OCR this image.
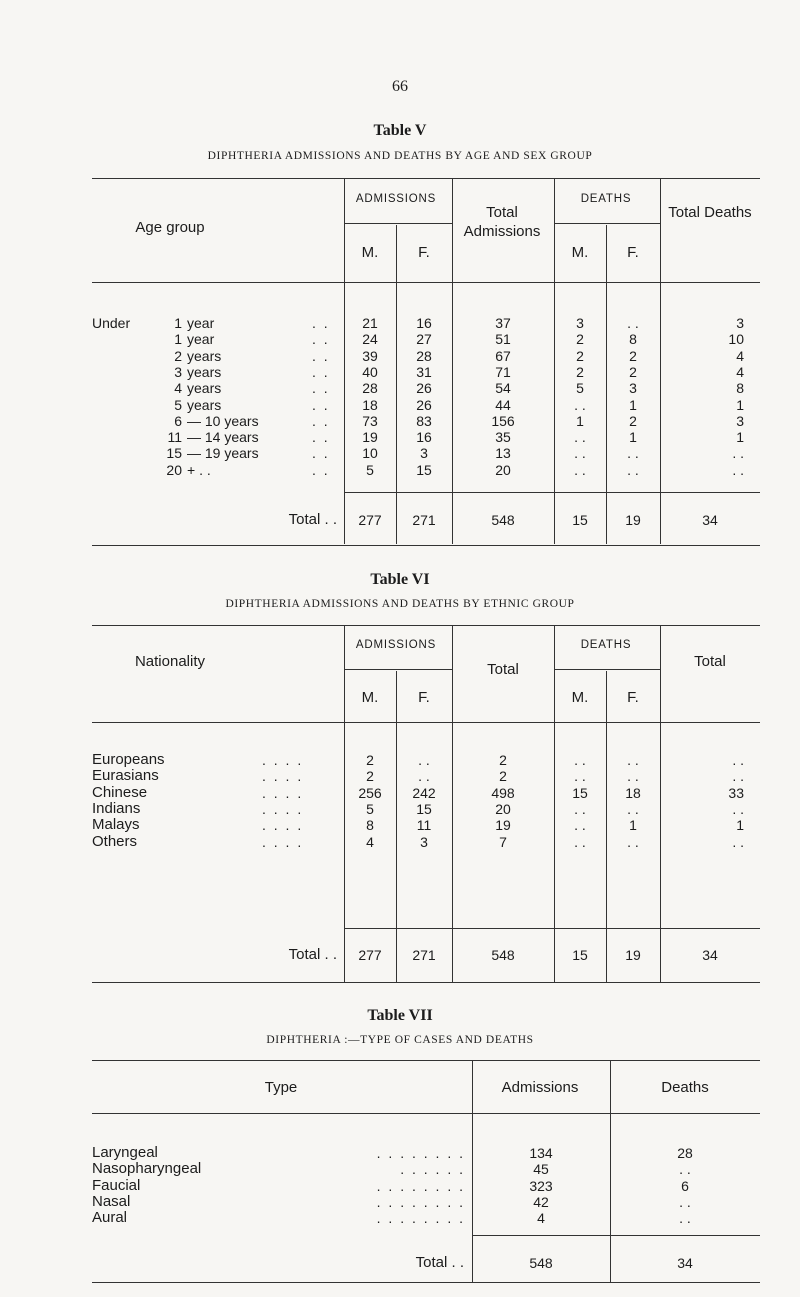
66
Table V
DIPHTHERIA ADMISSIONS AND DEATHS BY AGE AND SEX GROUP
Age group
ADMISSIONS
M.	F.
Total Admissions
DEATHS
M.	F.
Total Deaths
Under	1 year	. .	21	16	37	3	. .	3
1 year	. .	24	27	51	2	8	10
2 years	. .	39	28	67	2	2	4
3 years	. .	40	31	71	2	2	4
4 years	. .	28	26	54	5	3	8
5 years	. .	18	26	44	. .	1	1
6 — 10 years	. .	73	83	156	1	2	3
11 — 14 years	. .	19	16	35	. .	1	1
15 — 19 years	. .	10	3	13	. .	. .	. .
20 + . .	. .	5	15	20	. .	. .	. .
Total . .	277	271	548	15	19	34
Table VI
DIPHTHERIA ADMISSIONS AND DEATHS BY ETHNIC GROUP
Nationality
ADMISSIONS
M.	F.
Total
DEATHS
M.	F.
Total
Europeans	. . . .	2	. .	2	. .	. .	. .
Eurasians	. . . .	2	. .	2	. .	. .	. .
Chinese	. . . .	256	242	498	15	18	33
Indians	. . . .	5	15	20	. .	. .	. .
Malays	. . . .	8	11	19	. .	1	1
Others	. . . .	4	3	7	. .	. .	. .
Total . .	277	271	548	15	19	34
Table VII
DIPHTHERIA :—TYPE OF CASES AND DEATHS
Type	Admissions	Deaths
Laryngeal	. . . . . . . .	134	28
Nasopharyngeal	. . . . . .	45	. .
Faucial	. . . . . . . .	323	6
Nasal	. . . . . . . .	42	. .
Aural	. . . . . . . .	4	. .
Total . .	548	34
